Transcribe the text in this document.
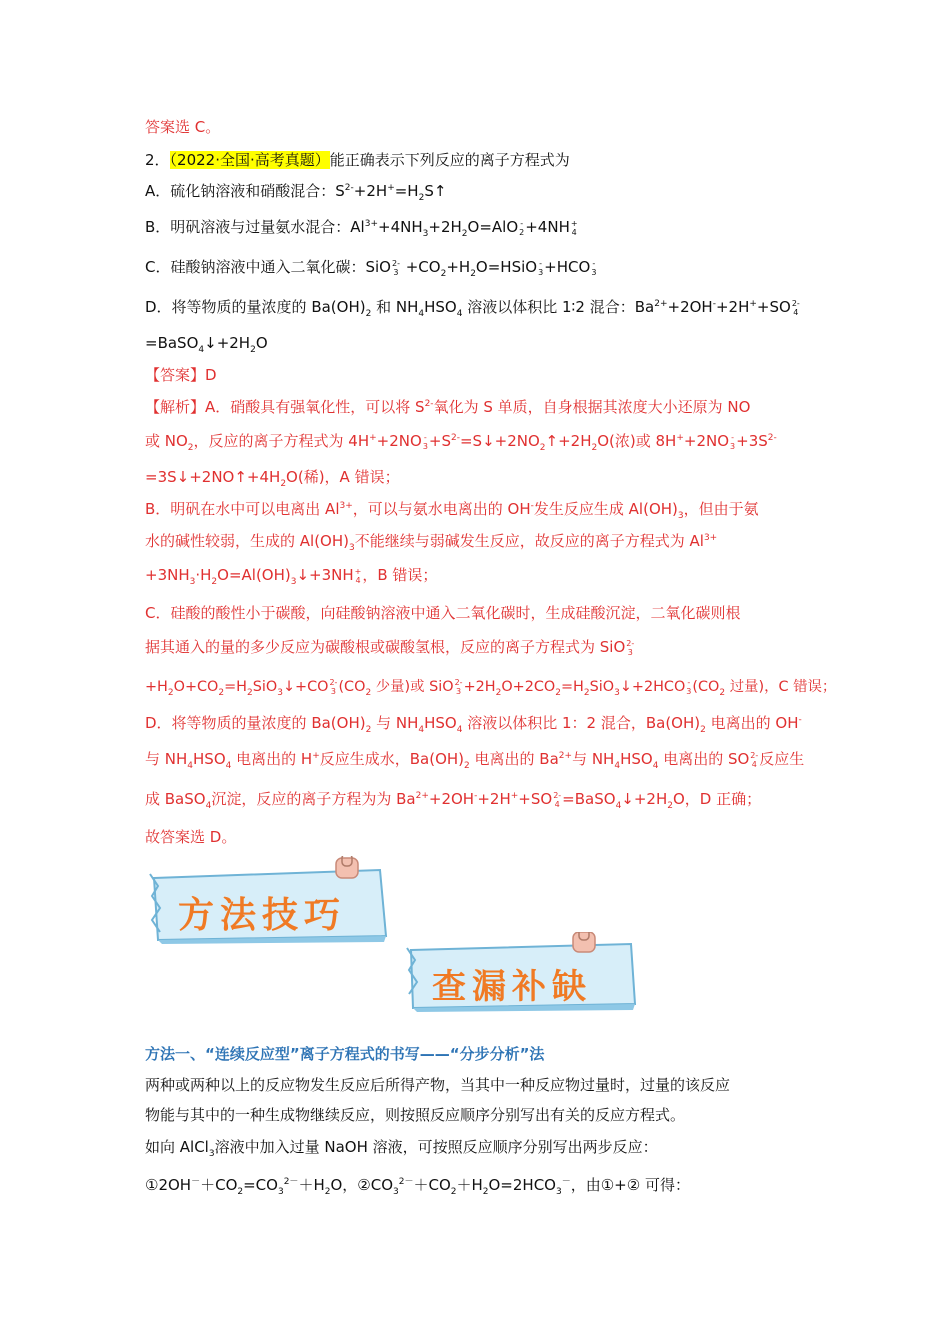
答案选 C。
2．（2022·全国·高考真题）能正确表示下列反应的离子方程式为
A．硫化钠溶液和硝酸混合：$S^{2-}+2H^+=H_2S↑$
B．明矾溶液与过量氨水混合：$Al^{3+}+4NH_3+2H_2O=AlO$ -
2 +4NH +
4
C．硅酸钠溶液中通入二氧化碳：SiO 2-
$3 +CO_2+H_2O=HSiO$ -
3 +HCO -
3
D．将等物质的量浓度的 $Ba(OH)_2$ 和 $NH_4HSO_4$ 溶液以体积比 1∶2 混合：$Ba^{2+}+2OH^-+2H^++SO$ 2-
4
$=BaSO_4↓+2H_2O$
【答案】D
【解析】A．硝酸具有强氧化性，可以将 $S^{2-}$氧化为 S 单质，自身根据其浓度大小还原为 NO
或 $NO_2$，反应的离子方程式为 4H++2NO -
$3 +S^{2-}=S↓+2NO_2↑+2H_2O$(浓)或 8H++2NO -
$3 +3S^{2-}$
$=3S↓+2NO↑+4H_2O$(稀)，A 错误；
B．明矾在水中可以电离出 $Al^{3+}$，可以与氨水电离出的 OH-发生反应生成 $Al(OH)_3$，但由于氨
水的碱性较弱，生成的 $Al(OH)_3$不能继续与弱碱发生反应，故反应的离子方程式为 $Al^{3+}$
$+3NH_3\cdot H_2O=Al(OH)_3↓+3NH$ +
4 ，B 错误；
C．硅酸的酸性小于碳酸，向硅酸钠溶液中通入二氧化碳时，生成硅酸沉淀，二氧化碳则根
据其通入的量的多少反应为碳酸根或碳酸氢根，反应的离子方程式为 SiO 2-
3
$+H_2O+CO_2=H_2SiO_3↓+CO$ 2-
3 ($CO_2$ 少量)或 SiO 2-
$3 +2H_2O+2CO_2=H_2SiO_3↓+2HCO$ -
3 ($CO_2$ 过量)，C 错误；
D．将等物质的量浓度的 $Ba(OH)_2$ 与 $NH_4HSO_4$ 溶液以体积比 1：2 混合，$Ba(OH)_2$ 电离出的 OH-
与 $NH_4HSO_4$ 电离出的 H+反应生成水，$Ba(OH)_2$ 电离出的 $Ba^{2+}$与 $NH_4HSO_4$ 电离出的 SO 2-
4 反应生
成 BaSO$_4$沉淀，反应的离子方程为为 $Ba^{2+}+2OH^-+2H^++SO$ 2-
$4 =BaSO_4↓+2H_2O$，D 正确；
故答案选 D。
方法技巧
查漏补缺
方法一、“连续反应型”离子方程式的书写——“分步分析”法
两种或两种以上的反应物发生反应后所得产物，当其中一种反应物过量时，过量的该反应
物能与其中的一种生成物继续反应，则按照反应顺序分别写出有关的反应方程式。
如向 AlCl$_3$溶液中加入过量 NaOH 溶液，可按照反应顺序分别写出两步反应：
$①2OH^-+CO_2=CO_3^{2-}+H_2O$，$②CO_3^{2-}+CO_2+H_2O=2HCO_3^-$，由①+② 可得：
